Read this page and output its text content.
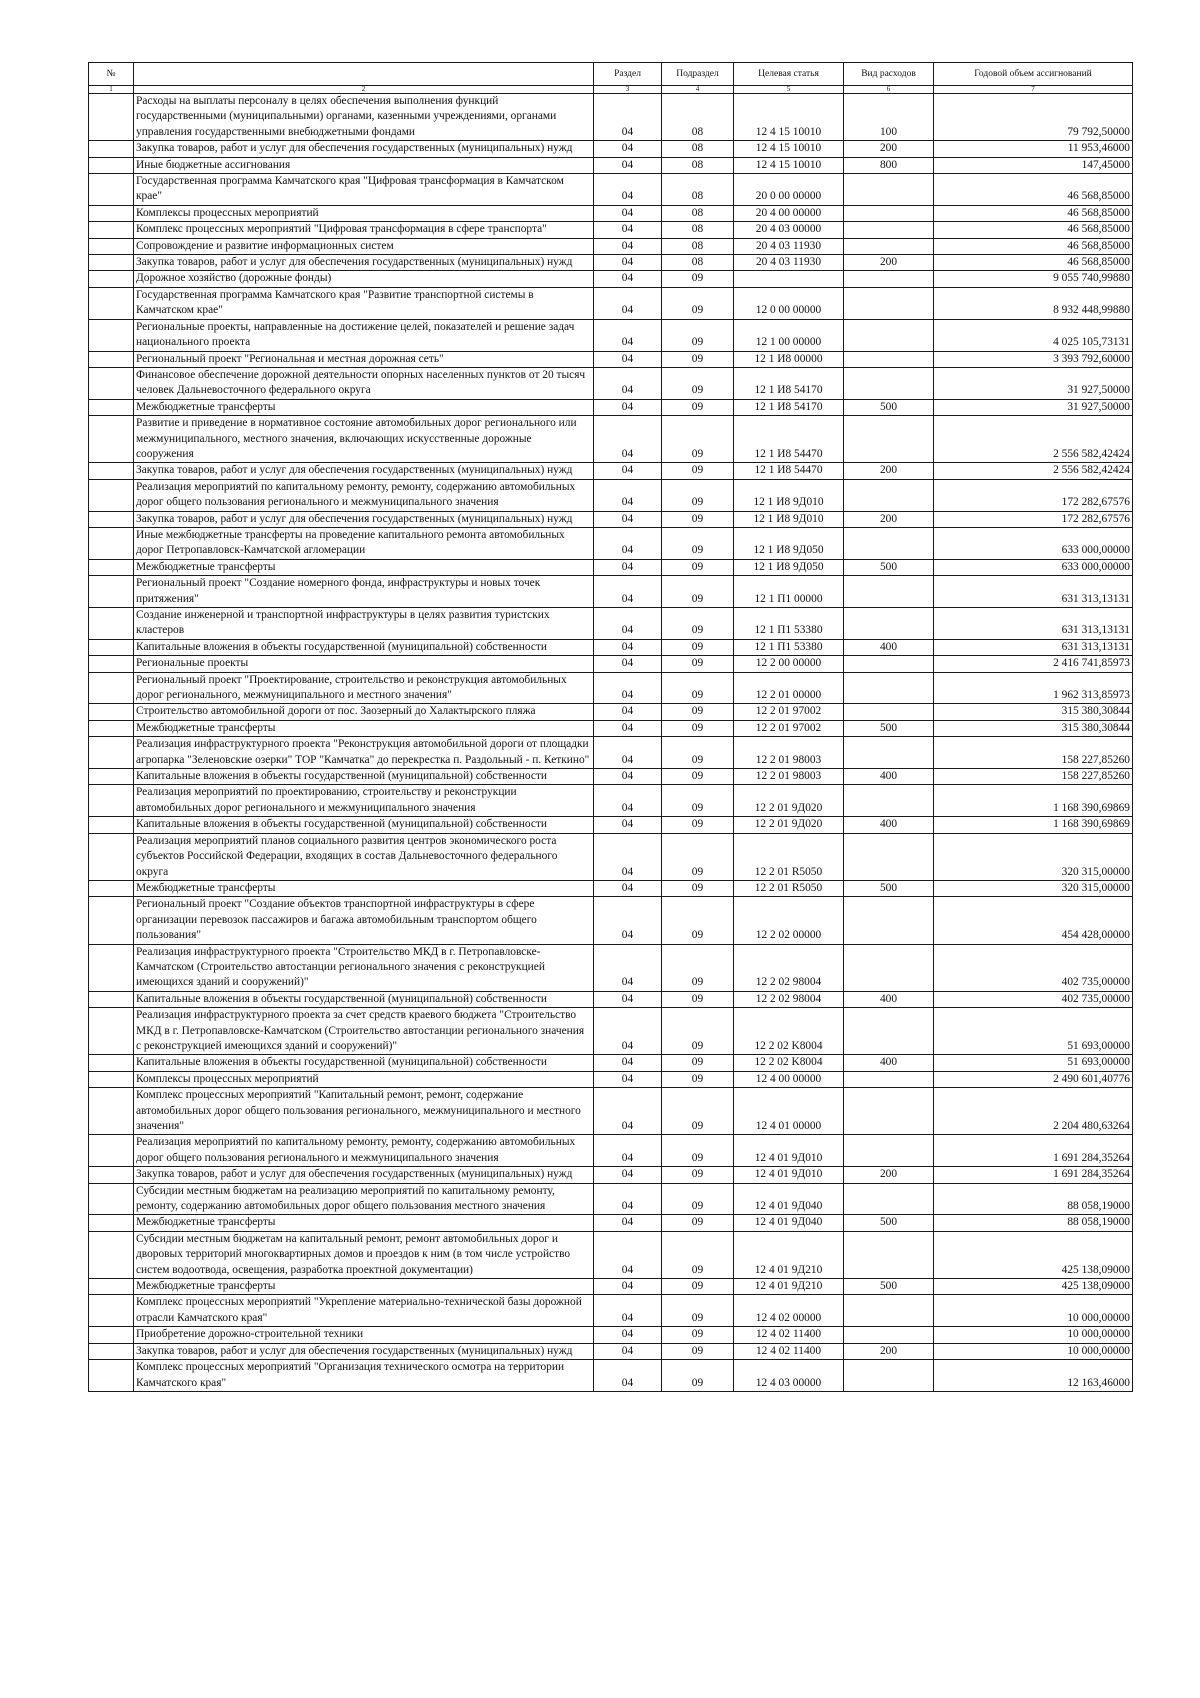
№		Раздел	Подраздел	Целевая статья	Вид расходов	Годовой объем ассигнований
1	2	3	4	5	6	7
	Расходы на выплаты персоналу в целях обеспечения выполнения функций государственными (муниципальными) органами, казенными учреждениями, органами управления государственными внебюджетными фондами	04	08	12 4 15 10010	100	79 792,50000
	Закупка товаров, работ и услуг для обеспечения государственных (муниципальных) нужд	04	08	12 4 15 10010	200	11 953,46000
	Иные бюджетные ассигнования	04	08	12 4 15 10010	800	147,45000
	Государственная программа Камчатского края "Цифровая трансформация в Камчатском крае"	04	08	20 0 00 00000		46 568,85000
	Комплексы процессных мероприятий	04	08	20 4 00 00000		46 568,85000
	Комплекс процессных мероприятий "Цифровая трансформация в сфере транспорта"	04	08	20 4 03 00000		46 568,85000
	Сопровождение и развитие информационных систем	04	08	20 4 03 11930		46 568,85000
	Закупка товаров, работ и услуг для обеспечения государственных (муниципальных) нужд	04	08	20 4 03 11930	200	46 568,85000
	Дорожное хозяйство (дорожные фонды)	04	09			9 055 740,99880
	Государственная программа Камчатского края "Развитие транспортной системы в Камчатском крае"	04	09	12 0 00 00000		8 932 448,99880
	Региональные проекты, направленные на достижение целей, показателей и решение задач национального проекта	04	09	12 1 00 00000		4 025 105,73131
	Региональный проект "Региональная и местная дорожная сеть"	04	09	12 1 И8 00000		3 393 792,60000
	Финансовое обеспечение дорожной деятельности опорных населенных пунктов от 20 тысяч человек Дальневосточного федерального округа	04	09	12 1 И8 54170		31 927,50000
	Межбюджетные трансферты	04	09	12 1 И8 54170	500	31 927,50000
	Развитие и приведение в нормативное состояние автомобильных дорог регионального или межмуниципального, местного значения, включающих искусственные дорожные сооружения	04	09	12 1 И8 54470		2 556 582,42424
	Закупка товаров, работ и услуг для обеспечения государственных (муниципальных) нужд	04	09	12 1 И8 54470	200	2 556 582,42424
	Реализация мероприятий по капитальному ремонту, ремонту, содержанию автомобильных дорог общего пользования регионального и межмуниципального значения	04	09	12 1 И8 9Д010		172 282,67576
	Закупка товаров, работ и услуг для обеспечения государственных (муниципальных) нужд	04	09	12 1 И8 9Д010	200	172 282,67576
	Иные межбюджетные трансферты на проведение капитального ремонта автомобильных дорог Петропавловск-Камчатской агломерации	04	09	12 1 И8 9Д050		633 000,00000
	Межбюджетные трансферты	04	09	12 1 И8 9Д050	500	633 000,00000
	Региональный проект "Создание номерного фонда, инфраструктуры и новых точек притяжения"	04	09	12 1 П1 00000		631 313,13131
	Создание инженерной и транспортной инфраструктуры в целях развития туристских кластеров	04	09	12 1 П1 53380		631 313,13131
	Капитальные вложения в объекты государственной (муниципальной) собственности	04	09	12 1 П1 53380	400	631 313,13131
	Региональные проекты	04	09	12 2 00 00000		2 416 741,85973
	Региональный проект "Проектирование, строительство и реконструкция автомобильных дорог регионального, межмуниципального и местного значения"	04	09	12 2 01 00000		1 962 313,85973
	Строительство автомобильной дороги от пос. Заозерный до Халактырского пляжа	04	09	12 2 01 97002		315 380,30844
	Межбюджетные трансферты	04	09	12 2 01 97002	500	315 380,30844
	Реализация инфраструктурного проекта "Реконструкция автомобильной дороги от площадки агропарка "Зеленовские озерки" ТОР "Камчатка" до перекрестка п. Раздольный - п. Кеткино"	04	09	12 2 01 98003		158 227,85260
	Капитальные вложения в объекты государственной (муниципальной) собственности	04	09	12 2 01 98003	400	158 227,85260
	Реализация мероприятий по проектированию, строительству и реконструкции автомобильных дорог регионального и межмуниципального значения	04	09	12 2 01 9Д020		1 168 390,69869
	Капитальные вложения в объекты государственной (муниципальной) собственности	04	09	12 2 01 9Д020	400	1 168 390,69869
	Реализация мероприятий планов социального развития центров экономического роста субъектов Российской Федерации, входящих в состав Дальневосточного федерального округа	04	09	12 2 01 R5050		320 315,00000
	Межбюджетные трансферты	04	09	12 2 01 R5050	500	320 315,00000
	Региональный проект "Создание объектов транспортной инфраструктуры в сфере организации перевозок пассажиров и багажа автомобильным транспортом общего пользования"	04	09	12 2 02 00000		454 428,00000
	Реализация инфраструктурного проекта "Строительство МКД в г. Петропавловске-Камчатском (Строительство автостанции регионального значения с реконструкцией имеющихся зданий и сооружений)"	04	09	12 2 02 98004		402 735,00000
	Капитальные вложения в объекты государственной (муниципальной) собственности	04	09	12 2 02 98004	400	402 735,00000
	Реализация инфраструктурного проекта за счет средств краевого бюджета "Строительство МКД в г. Петропавловске-Камчатском (Строительство автостанции регионального значения с реконструкцией имеющихся зданий и сооружений)"	04	09	12 2 02 K8004		51 693,00000
	Капитальные вложения в объекты государственной (муниципальной) собственности	04	09	12 2 02 K8004	400	51 693,00000
	Комплексы процессных мероприятий	04	09	12 4 00 00000		2 490 601,40776
	Комплекс процессных мероприятий "Капитальный ремонт, ремонт, содержание автомобильных дорог общего пользования регионального, межмуниципального и местного значения"	04	09	12 4 01 00000		2 204 480,63264
	Реализация мероприятий по капитальному ремонту, ремонту, содержанию автомобильных дорог общего пользования регионального и межмуниципального значения	04	09	12 4 01 9Д010		1 691 284,35264
	Закупка товаров, работ и услуг для обеспечения государственных (муниципальных) нужд	04	09	12 4 01 9Д010	200	1 691 284,35264
	Субсидии местным бюджетам на реализацию мероприятий по капитальному ремонту, ремонту, содержанию автомобильных дорог общего пользования местного значения	04	09	12 4 01 9Д040		88 058,19000
	Межбюджетные трансферты	04	09	12 4 01 9Д040	500	88 058,19000
	Субсидии местным бюджетам на капитальный ремонт, ремонт автомобильных дорог и дворовых территорий многоквартирных домов и проездов к ним (в том числе устройство систем водоотвода, освещения, разработка проектной документации)	04	09	12 4 01 9Д210		425 138,09000
	Межбюджетные трансферты	04	09	12 4 01 9Д210	500	425 138,09000
	Комплекс процессных мероприятий "Укрепление материально-технической базы дорожной отрасли Камчатского края"	04	09	12 4 02 00000		10 000,00000
	Приобретение дорожно-строительной техники	04	09	12 4 02 11400		10 000,00000
	Закупка товаров, работ и услуг для обеспечения государственных (муниципальных) нужд	04	09	12 4 02 11400	200	10 000,00000
	Комплекс процессных мероприятий "Организация технического осмотра на территории Камчатского края"	04	09	12 4 03 00000		12 163,46000
